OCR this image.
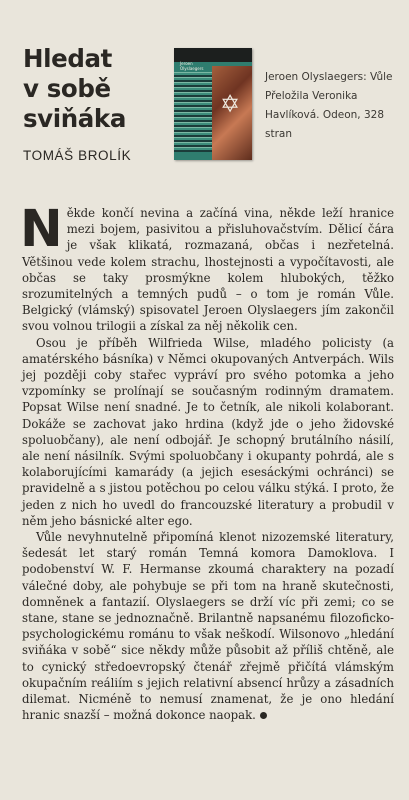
Hledat
v sobě
sviňáka
TOMÁŠ BROLÍK
Jeroen
Olyslaegers
✡
Jeroen Olyslaegers: Vůle
Přeložila Veronika Havlíková. Odeon, 328 stran

Někde končí nevina a začíná vina, někde leží hranice mezi bojem, pasivitou a přisluhovačstvím. Dělicí čára je však klikatá, rozmazaná, občas i nezřetelná. Většinou vede kolem strachu, lhostejnosti a vypočítavosti, ale občas se taky prosmýkne kolem hlubokých, těžko srozumitelných a temných pudů – o tom je román Vůle. Belgický (vlámský) spisovatel Jeroen Olyslaegers jím zakončil svou volnou trilogii a získal za něj několik cen.

Osou je příběh Wilfrieda Wilse, mladého policisty (a amatérského básníka) v Němci okupovaných Antverpách. Wils jej později coby stařec vypráví pro svého potomka a jeho vzpomínky se prolínají se současným rodinným dramatem. Popsat Wilse není snadné. Je to četník, ale nikoli kolaborant. Dokáže se zachovat jako hrdina (když jde o jeho židovské spoluobčany), ale není odbojář. Je schopný brutálního násilí, ale není násilník. Svými spoluobčany i okupanty pohrdá, ale s kolaborujícími kamarády (a jejich esesáckými ochránci) se pravidelně a s jistou potěchou po celou válku stýká. I proto, že jeden z nich ho uvedl do francouzské literatury a probudil v něm jeho básnické alter ego.

Vůle nevyhnutelně připomíná klenot nizozemské literatury, šedesát let starý román Temná komora Damoklova. I podobenství W. F. Hermanse zkoumá charaktery na pozadí válečné doby, ale pohybuje se při tom na hraně skutečnosti, domněnek a fantazií. Olyslaegers se drží víc při zemi; co se stane, stane se jednoznačně. Brilantně napsanému filozoficko-psychologickému románu to však neškodí. Wilsonovo „hledání sviňáka v sobě“ sice někdy může působit až příliš chtěně, ale to cynický středoevropský čtenář zřejmě přičítá vlámským okupačním reáliím s jejich relativní absencí hrůzy a zásadních dilemat. Nicméně to nemusí znamenat, že je ono hledání hranic snazší – možná dokonce naopak.
